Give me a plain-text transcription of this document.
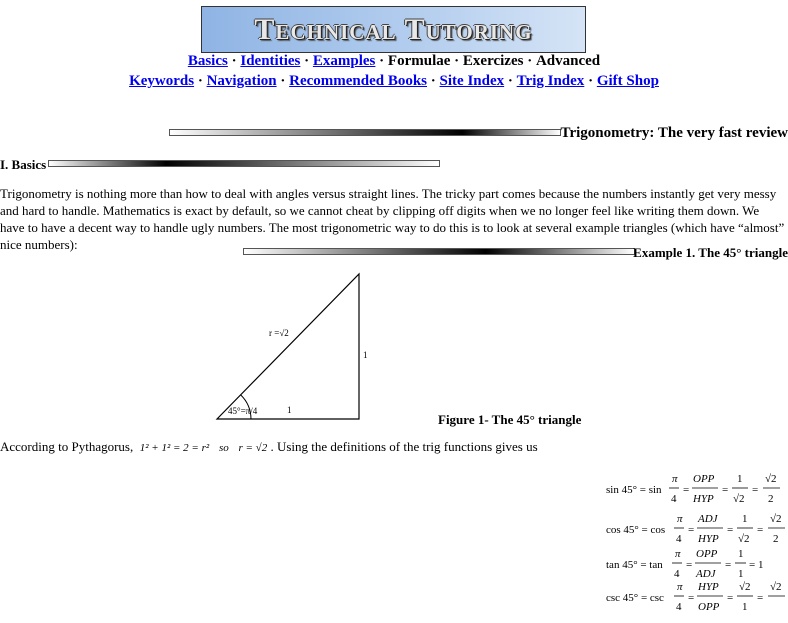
Technical Tutoring
Basics · Identities · Examples · Formulae · Exercizes · Advanced
Keywords · Navigation · Recommended Books · Site Index · Trig Index · Gift Shop
Trigonometry: The very fast review
I. Basics
Trigonometry is nothing more than how to deal with angles versus straight lines. The tricky part comes because the numbers instantly get very messy and hard to handle. Mathematics is exact by default, so we cannot cheat by clipping off digits when we no longer feel like writing them down. We have to have a decent way to handle ugly numbers. The most trigonometric way to do this is to look at several example triangles (which have “almost” nice numbers):
Example 1. The 45° triangle
r =√2
1
1
45°=π/4
Figure 1- The 45° triangle
According to Pythagorus, 1² + 1² = 2 = r² so r = √2 . Using the definitions of the trig functions gives us
sin 45° = sin
π
4
=
OPP
HYP
=
1
√2
=
√2
2
cos 45° = cos
π
4
=
ADJ
HYP
=
1
√2
=
√2
2
tan 45° = tan
π
4
=
OPP
ADJ
=
1
1
= 1
csc 45° = csc
π
4
=
HYP
OPP
=
√2
1
=
√2
